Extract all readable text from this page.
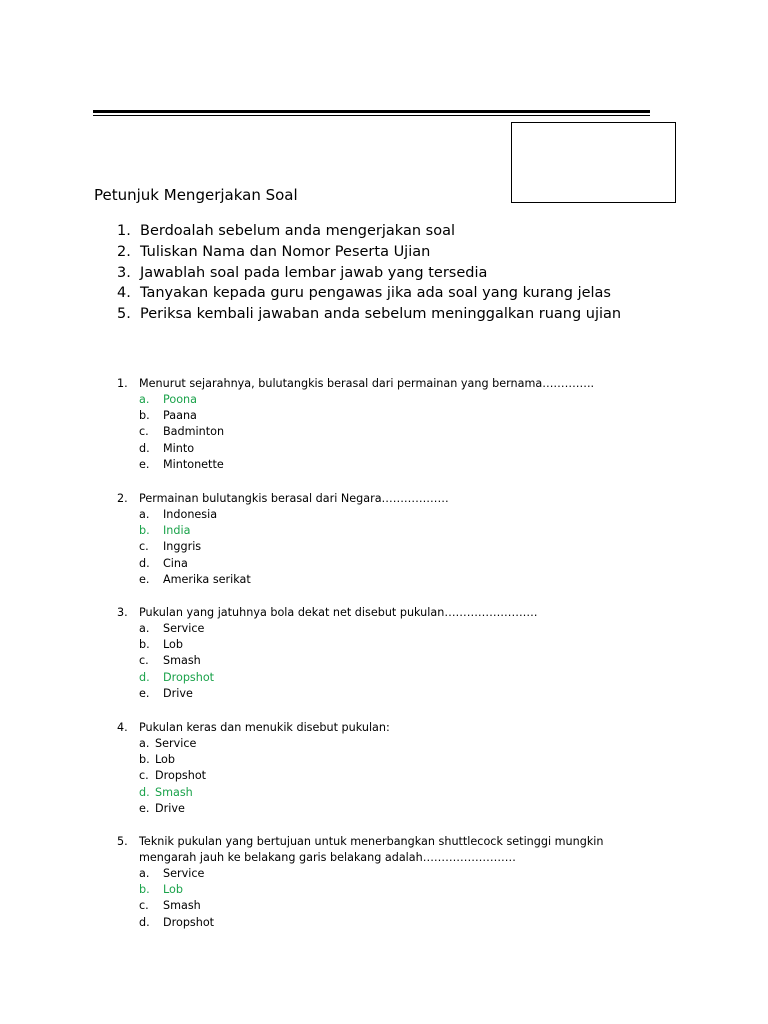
Petunjuk Mengerjakan Soal
1. Berdoalah sebelum anda mengerjakan soal
2. Tuliskan Nama dan Nomor Peserta Ujian
3. Jawablah soal pada lembar jawab yang tersedia
4. Tanyakan kepada guru pengawas jika ada soal yang kurang jelas
5. Periksa kembali jawaban anda sebelum meninggalkan ruang ujian
1.	Menurut sejarahnya, bulutangkis berasal dari permainan yang bernama…………..
a.	Poona
b.	Paana
c.	Badminton
d.	Minto
e.	Mintonette
2.	Permainan bulutangkis berasal dari Negara………………
a.	Indonesia
b.	India
c.	Inggris
d.	Cina
e.	Amerika serikat
3.	Pukulan yang jatuhnya bola dekat net disebut pukulan…………………….
a.	Service
b.	Lob
c.	Smash
d.	Dropshot
e.	Drive
4.	Pukulan keras dan menukik disebut pukulan:
a. Service
b. Lob
c. Dropshot
d. Smash
e. Drive
5.	Teknik pukulan yang bertujuan untuk menerbangkan shuttlecock setinggi mungkin
mengarah jauh ke belakang garis belakang adalah…………………….
a.	Service
b.	Lob
c.	Smash
d.	Dropshot
